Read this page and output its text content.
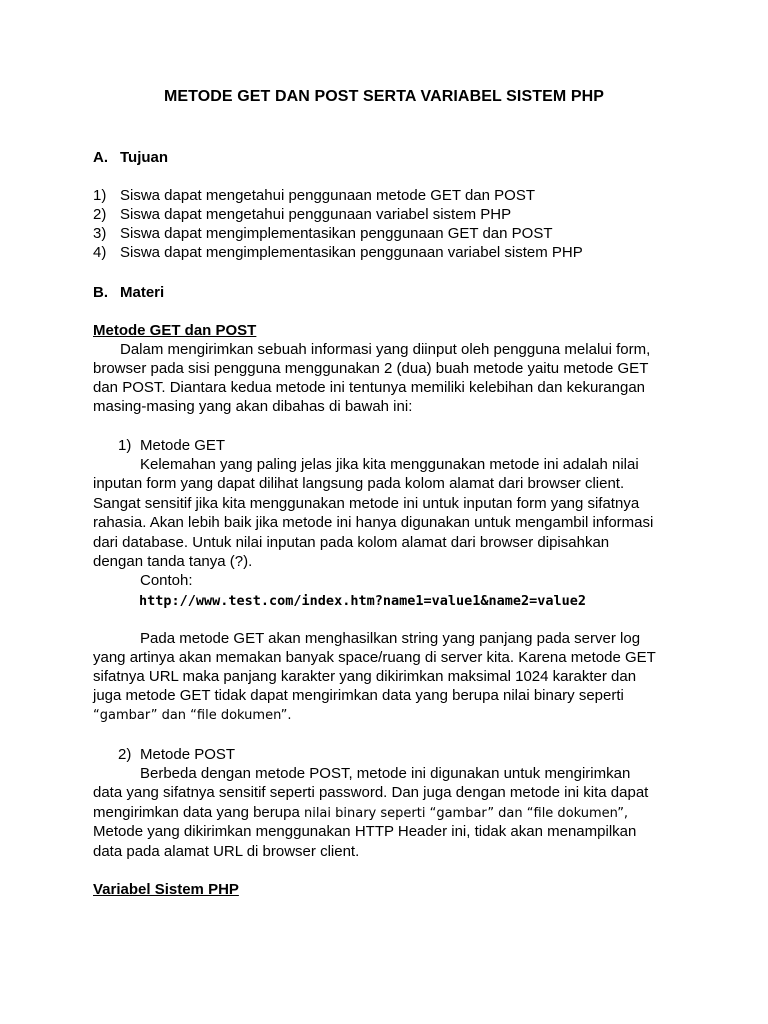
METODE GET DAN POST SERTA VARIABEL SISTEM PHP
A. Tujuan
1) Siswa dapat mengetahui penggunaan metode GET dan POST
2) Siswa dapat mengetahui penggunaan variabel sistem PHP
3) Siswa dapat mengimplementasikan penggunaan GET dan POST
4) Siswa dapat mengimplementasikan penggunaan variabel sistem PHP
B. Materi
Metode GET dan POST
Dalam mengirimkan sebuah informasi yang diinput oleh pengguna melalui form,
browser pada sisi pengguna menggunakan 2 (dua) buah metode yaitu metode GET
dan POST. Diantara kedua metode ini tentunya memiliki kelebihan dan kekurangan
masing-masing yang akan dibahas di bawah ini:
1) Metode GET
Kelemahan yang paling jelas jika kita menggunakan metode ini adalah nilai
inputan form yang dapat dilihat langsung pada kolom alamat dari browser client.
Sangat sensitif jika kita menggunakan metode ini untuk inputan form yang sifatnya
rahasia. Akan lebih baik jika metode ini hanya digunakan untuk mengambil informasi
dari database. Untuk nilai inputan pada kolom alamat dari browser dipisahkan
dengan tanda tanya (?).
Contoh:
http://www.test.com/index.htm?name1=value1&name2=value2
Pada metode GET akan menghasilkan string yang panjang pada server log
yang artinya akan memakan banyak space/ruang di server kita. Karena metode GET
sifatnya URL maka panjang karakter yang dikirimkan maksimal 1024 karakter dan
juga metode GET tidak dapat mengirimkan data yang berupa nilai binary seperti
“gambar” dan “file dokumen”.
2) Metode POST
Berbeda dengan metode POST, metode ini digunakan untuk mengirimkan
data yang sifatnya sensitif seperti password. Dan juga dengan metode ini kita dapat
mengirimkan data yang berupa nilai binary seperti “gambar” dan “file dokumen”,
Metode yang dikirimkan menggunakan HTTP Header ini, tidak akan menampilkan
data pada alamat URL di browser client.
Variabel Sistem PHP
